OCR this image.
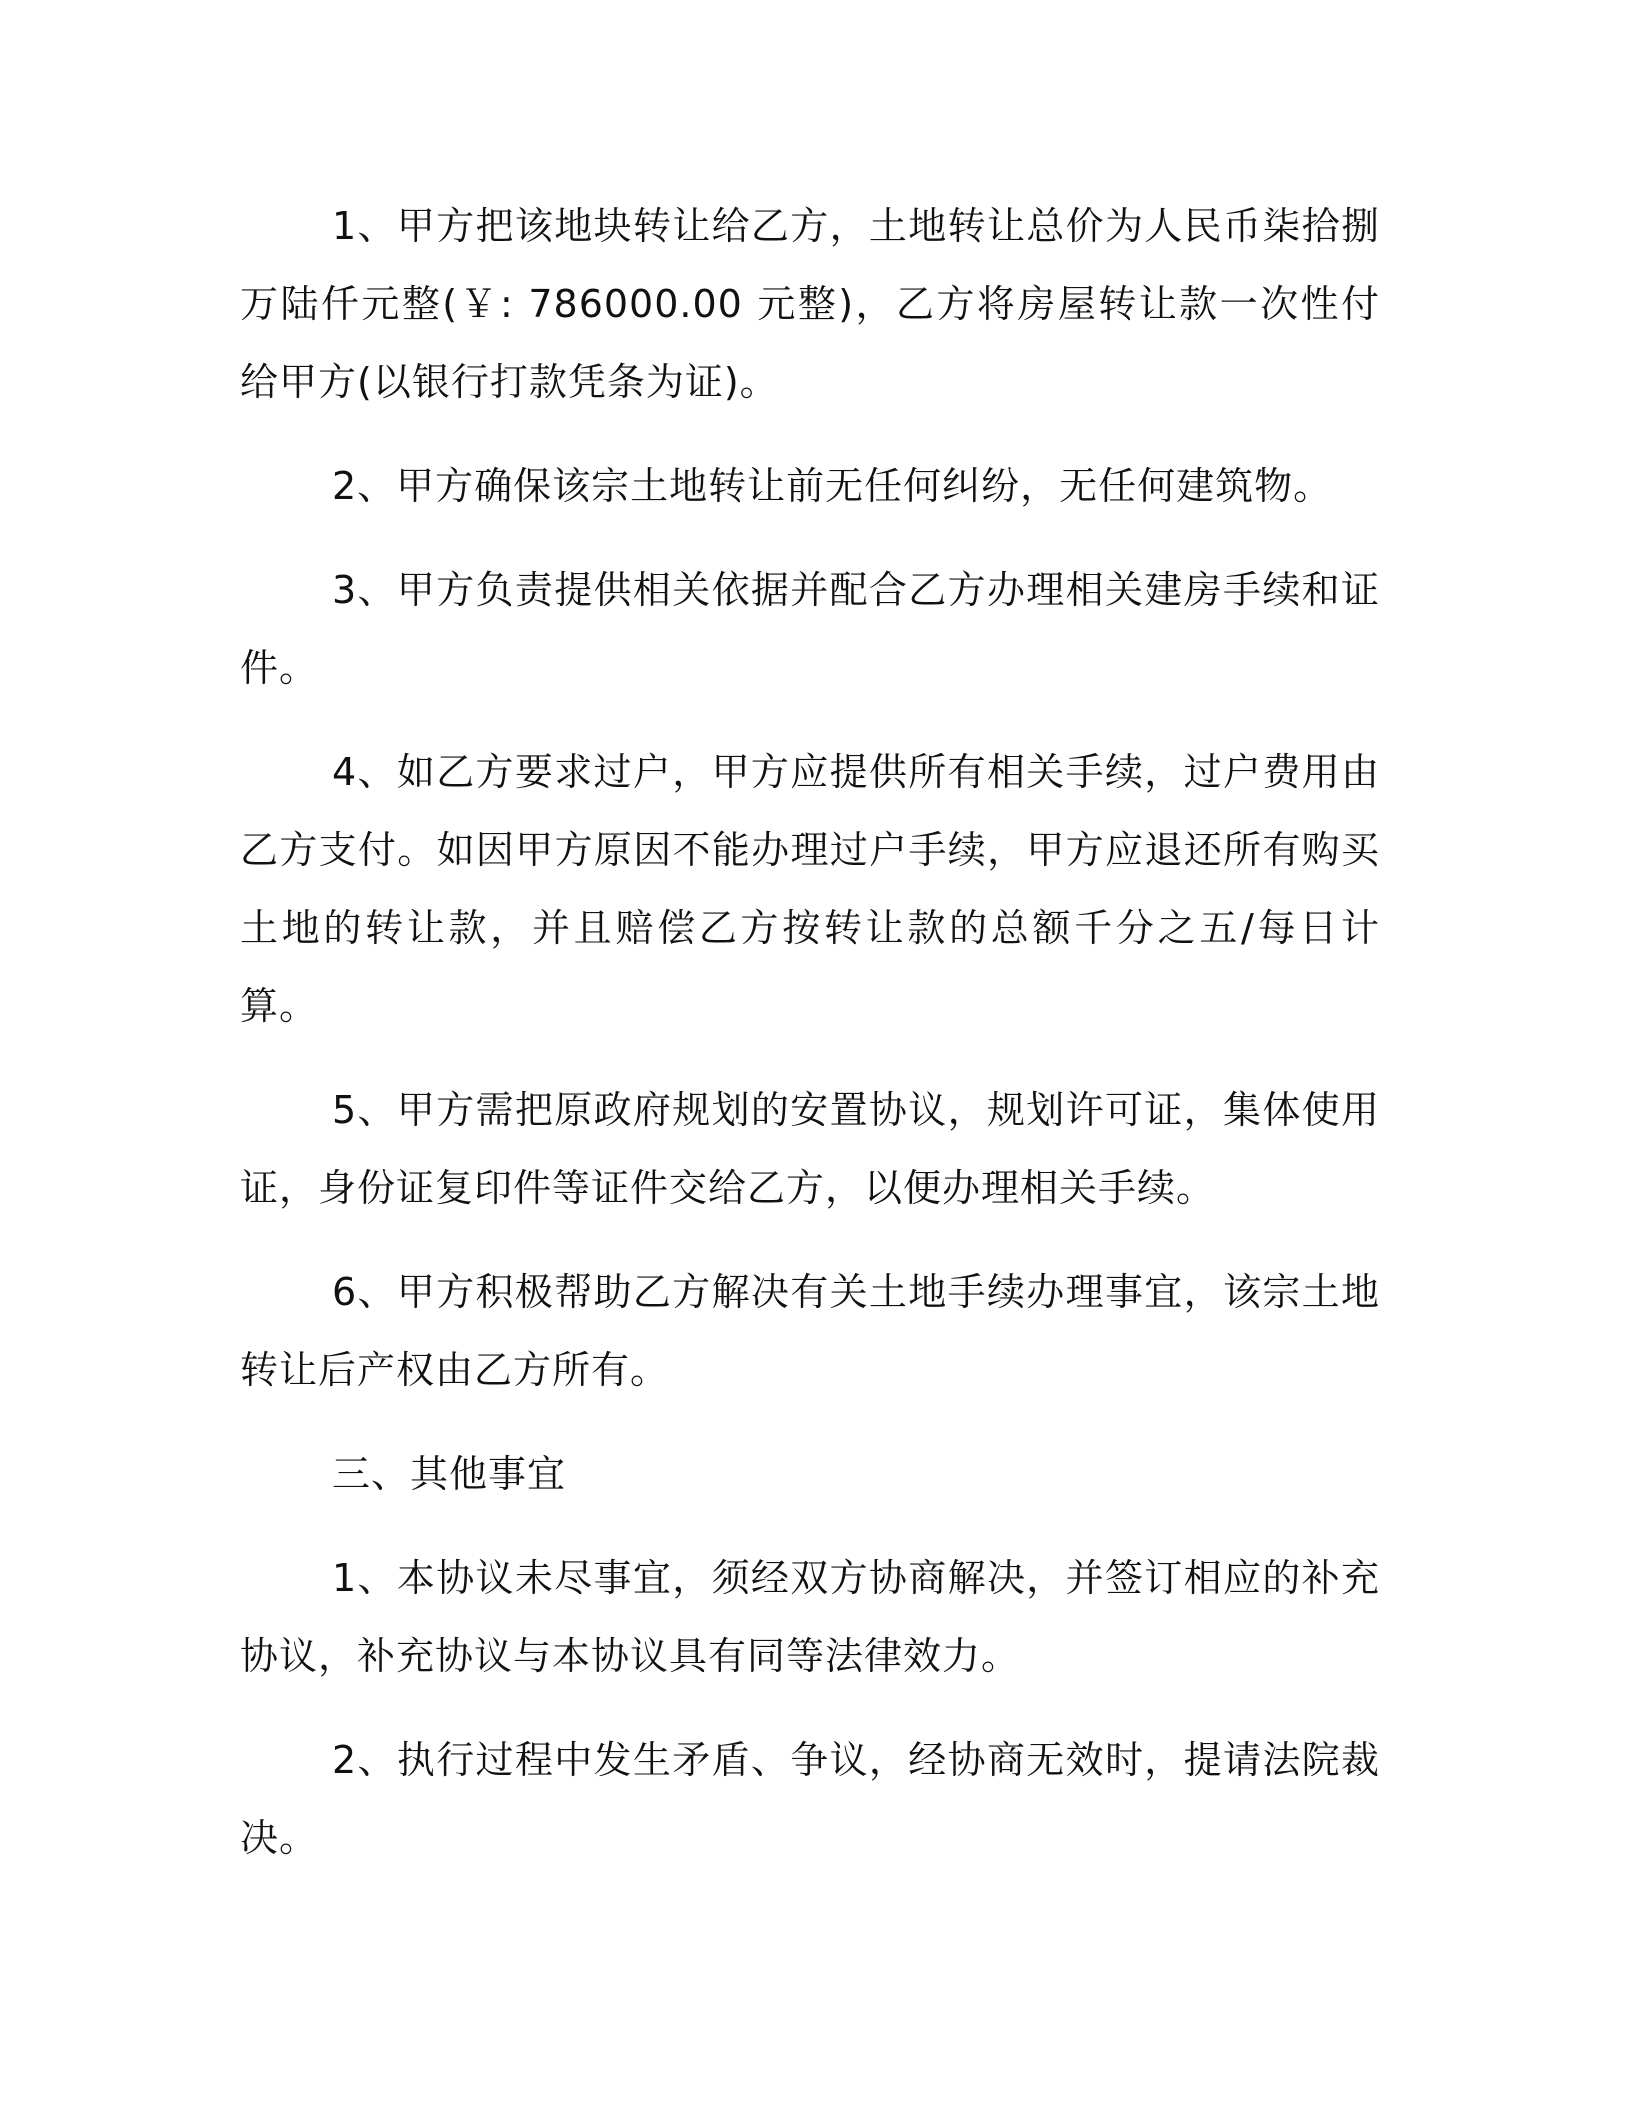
1、甲方把该地块转让给乙方，土地转让总价为人民币柒拾捌万陆仟元整(￥: 786000.00 元整)，乙方将房屋转让款一次性付给甲方(以银行打款凭条为证)。

2、甲方确保该宗土地转让前无任何纠纷，无任何建筑物。

3、甲方负责提供相关依据并配合乙方办理相关建房手续和证件。

4、如乙方要求过户，甲方应提供所有相关手续，过户费用由乙方支付。如因甲方原因不能办理过户手续，甲方应退还所有购买土地的转让款，并且赔偿乙方按转让款的总额千分之五/每日计算。

5、甲方需把原政府规划的安置协议，规划许可证，集体使用证，身份证复印件等证件交给乙方，以便办理相关手续。

6、甲方积极帮助乙方解决有关土地手续办理事宜，该宗土地转让后产权由乙方所有。

三、其他事宜

1、本协议未尽事宜，须经双方协商解决，并签订相应的补充协议，补充协议与本协议具有同等法律效力。

2、执行过程中发生矛盾、争议，经协商无效时，提请法院裁决。
